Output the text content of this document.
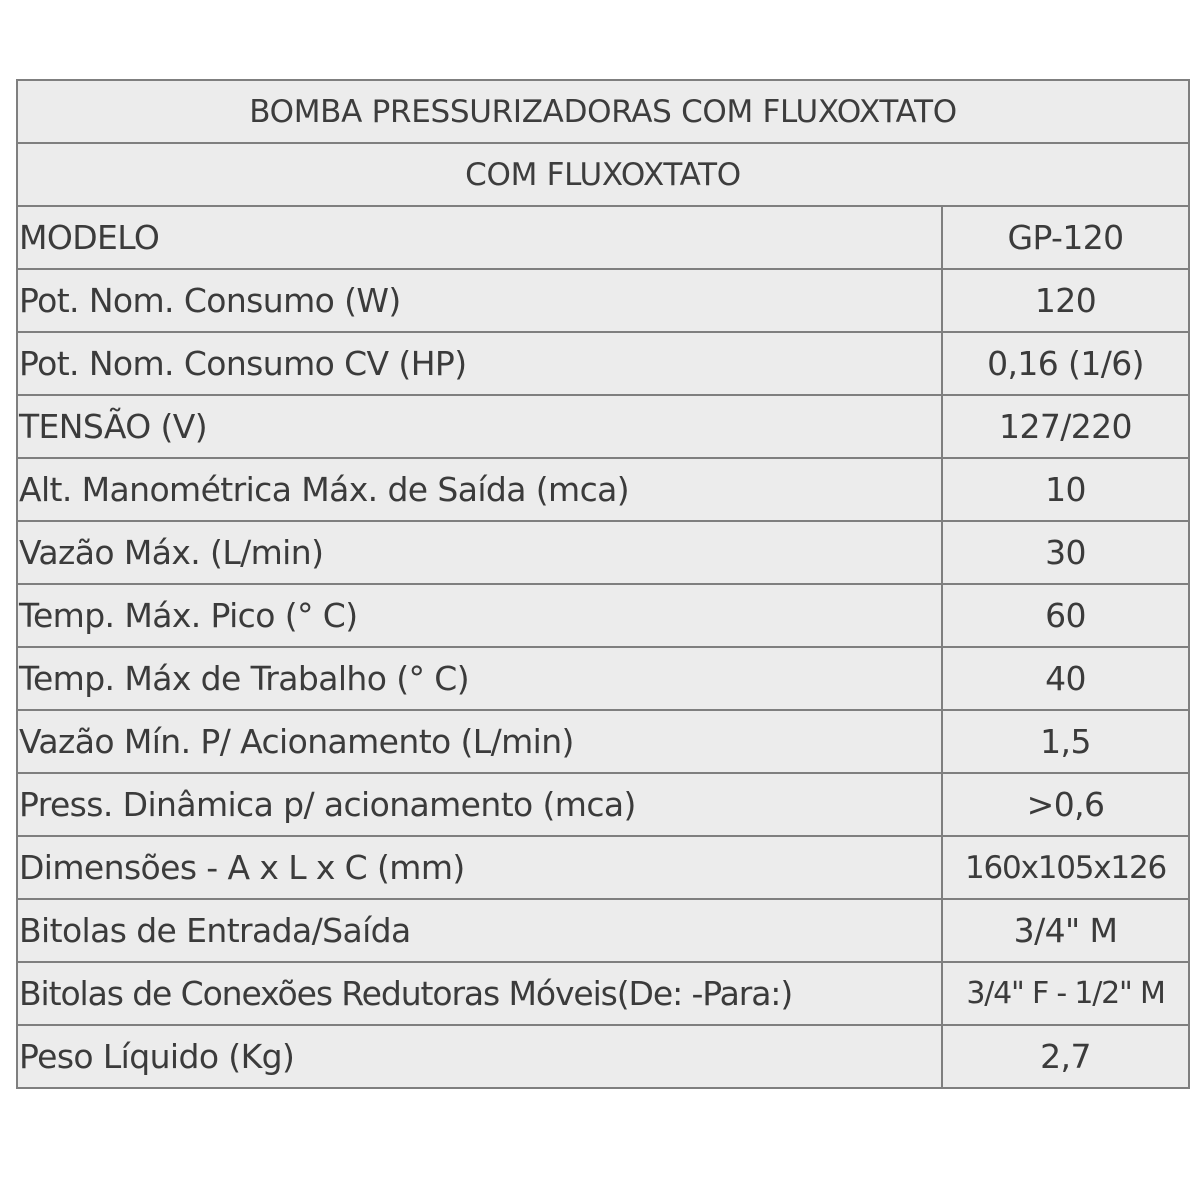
BOMBA PRESSURIZADORAS COM FLUXOXTATO	
COM FLUXOXTATO	
MODELO	GP-120
Pot. Nom. Consumo (W)	120
Pot. Nom. Consumo CV (HP)	0,16 (1/6)
TENSÃO (V)	127/220
Alt. Manométrica Máx. de Saída (mca)	10
Vazão Máx. (L/min)	30
Temp. Máx. Pico (° C)	60
Temp. Máx de Trabalho (° C)	40
Vazão Mín. P/ Acionamento (L/min)	1,5
Press. Dinâmica p/ acionamento (mca)	>0,6
Dimensões - A x L x C (mm)	160x105x126
Bitolas de Entrada/Saída	3/4" M
Bitolas de Conexões Redutoras Móveis(De: -Para:)	3/4" F - 1/2" M
Peso Líquido (Kg)	2,7
